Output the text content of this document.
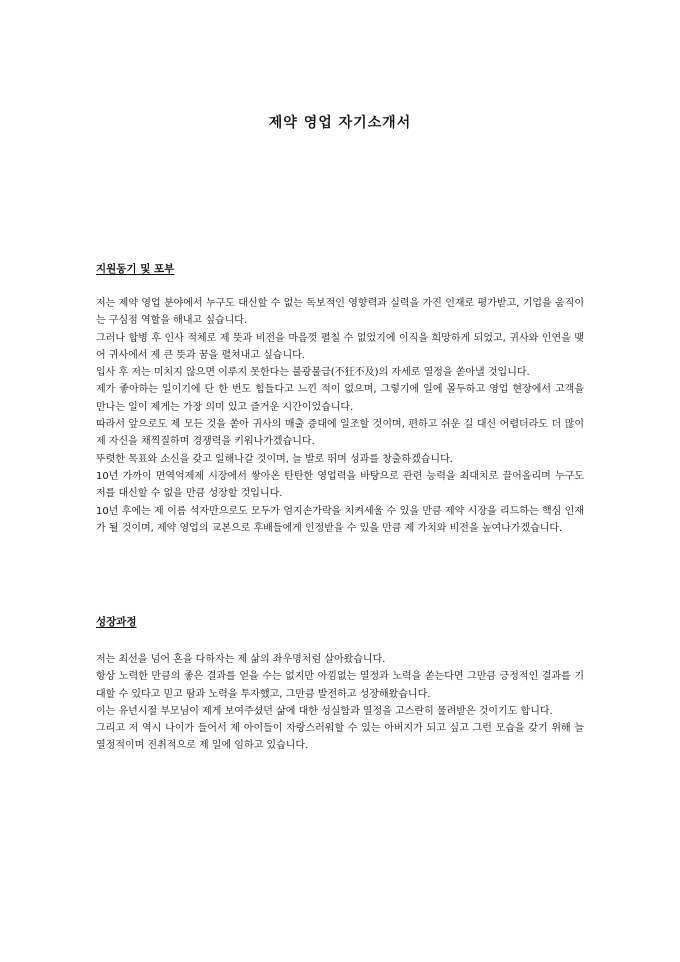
제약 영업 자기소개서
지원동기 및 포부

저는 제약 영업 분야에서 누구도 대신할 수 없는 독보적인 영향력과 실력을 가진 인재로 평가받고, 기업을 움직이는 구심점 역할을 해내고 싶습니다.

그러나 합병 후 인사 적체로 제 뜻과 비전을 마음껏 펼칠 수 없었기에 이직을 희망하게 되었고, 귀사와 인연을 맺어 귀사에서 제 큰 뜻과 꿈을 펼쳐내고 싶습니다.

입사 후 저는 미치지 않으면 이루지 못한다는 불광불급(不狂不及)의 자세로 열정을 쏟아낼 것입니다.

제가 좋아하는 일이기에 단 한 번도 힘들다고 느낀 적이 없으며, 그렇기에 일에 몰두하고 영업 현장에서 고객을 만나는 일이 제게는 가장 의미 있고 즐거운 시간이었습니다.

따라서 앞으로도 제 모든 것을 쏟아 귀사의 매출 증대에 일조할 것이며, 편하고 쉬운 길 대신 어렵더라도 더 많이 제 자신을 채찍질하며 경쟁력을 키워나가겠습니다.

뚜렷한 목표와 소신을 갖고 일해나갈 것이며, 늘 발로 뛰며 성과를 창출하겠습니다.

10년 가까이 면역억제제 시장에서 쌓아온 탄탄한 영업력을 바탕으로 관련 능력을 최대치로 끌어올리며 누구도 저를 대신할 수 없을 만큼 성장할 것입니다.

10년 후에는 제 이름 석자만으로도 모두가 엄지손가락을 치켜세울 수 있을 만큼 제약 시장을 리드하는 핵심 인재가 될 것이며, 제약 영업의 교본으로 후배들에게 인정받을 수 있을 만큼 제 가치와 비전을 높여나가겠습니다.

성장과정

저는 최선을 넘어 혼을 다하자는 제 삶의 좌우명처럼 살아왔습니다.

항상 노력한 만큼의 좋은 결과를 얻을 수는 없지만 아낌없는 열정과 노력을 쏟는다면 그만큼 긍정적인 결과를 기대할 수 있다고 믿고 땀과 노력을 투자했고, 그만큼 발전하고 성장해왔습니다.

이는 유년시절 부모님이 제게 보여주셨던 삶에 대한 성실함과 열정을 고스란히 물려받은 것이기도 합니다.

그리고 저 역시 나이가 들어서 제 아이들이 자랑스러워할 수 있는 아버지가 되고 싶고 그런 모습을 갖기 위해 늘 열정적이며 진취적으로 제 일에 임하고 있습니다.
